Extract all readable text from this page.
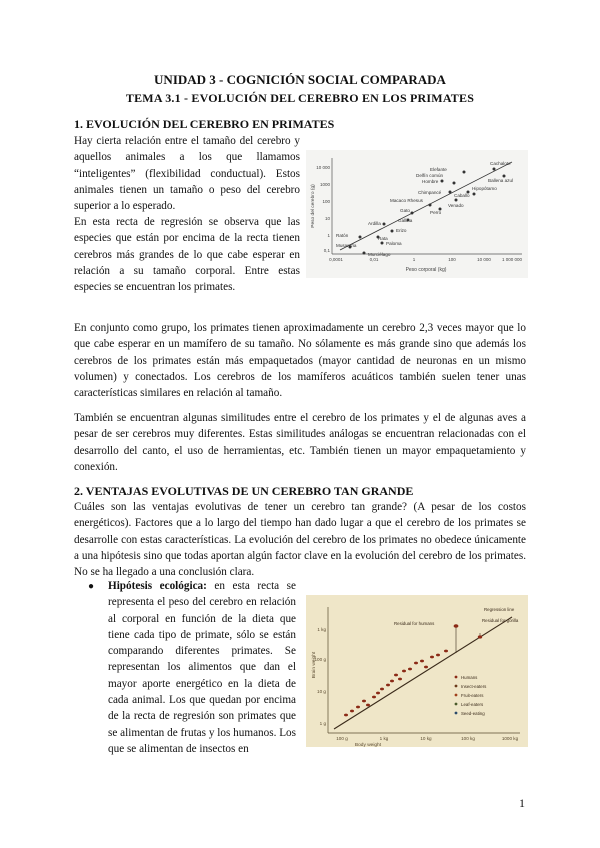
UNIDAD 3 - COGNICIÓN SOCIAL COMPARADA
TEMA 3.1 - EVOLUCIÓN DEL CEREBRO EN LOS PRIMATES
1. EVOLUCIÓN DEL CEREBRO EN PRIMATES

Hay cierta relación entre el tamaño del cerebro y aquellos animales a los que llamamos “inteligentes” (flexibilidad conductual). Estos animales tienen un tamaño o peso del cerebro superior a lo esperado.

En esta recta de regresión se observa que las especies que están por encima de la recta tienen cerebros más grandes de lo que cabe esperar en relación a su tamaño corporal. Entre estas especies se encuentran los primates.

10 000
1000
100
10
1
0,1
0,0001	0,01	1	100	10 000 1 000 000
Peso del cerebro (g)
Peso corporal (kg)
Elefante
Cachalote
Ballena azul
Hombre
Delfín común
Chimpancé
Hipopótamo
Caballo
Venado
Macaco Rhesus
Perro
Gato
Gallina
Ardilla
Erizo
Rata
Ratón
Paloma
Musaraña
Murciélago

En conjunto como grupo, los primates tienen aproximadamente un cerebro 2,3 veces mayor que lo que cabe esperar en un mamífero de su tamaño. No sólamente es más grande sino que además los cerebros de los primates están más empaquetados (mayor cantidad de neuronas en un mismo volumen) y conectados. Los cerebros de los mamíferos acuáticos también suelen tener unas características similares en relación al tamaño.

También se encuentran algunas similitudes entre el cerebro de los primates y el de algunas aves a pesar de ser cerebros muy diferentes. Estas similitudes análogas se encuentran relacionadas con el desarrollo del canto, el uso de herramientas, etc. También tienen un mayor empaquetamiento y conexión.

2. VENTAJAS EVOLUTIVAS DE UN CEREBRO TAN GRANDE

Cuáles son las ventajas evolutivas de tener un cerebro tan grande? (A pesar de los costos energéticos). Factores que a lo largo del tiempo han dado lugar a que el cerebro de los primates se desarrolle con estas características. La evolución del cerebro de los primates no obedece únicamente a una hipótesis sino que todas aportan algún factor clave en la evolución del cerebro de los primates. No se ha llegado a una conclusión clara.

● Hipótesis ecológica: en esta recta se representa el peso del cerebro en relación al corporal en función de la dieta que tiene cada tipo de primate, sólo se están comparando diferentes primates. Se representan los alimentos que dan el mayor aporte energético en la dieta de cada animal. Los que quedan por encima de la recta de regresión son primates que se alimentan de frutas y los humanos. Los que se alimentan de insectos en

1 kg
100 g
10 g
1 g
100 g	1 kg	10 kg	100 kg	1000 kg
Brain weight
Body weight
Residual for humans
Residual for gorilla
Regression line
Humans
Insect-eaters
Fruit-eaters
Leaf-eaters
Seed-eating
1
